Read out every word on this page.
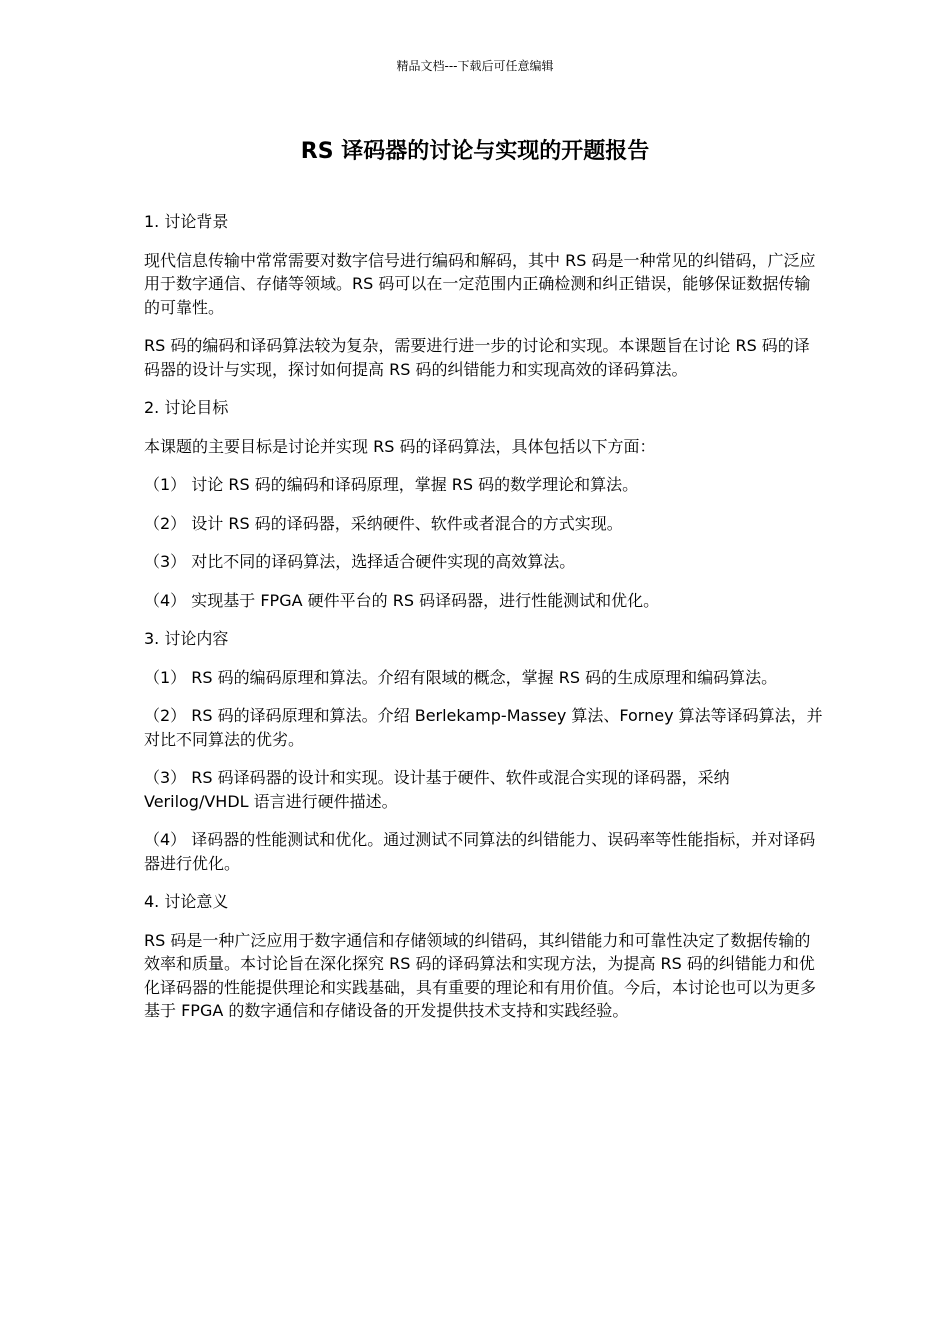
精品文档---下载后可任意编辑
RS 译码器的讨论与实现的开题报告

1. 讨论背景

现代信息传输中常常需要对数字信号进行编码和解码，其中 RS 码是一种常见的纠错码，广泛应用于数字通信、存储等领域。RS 码可以在一定范围内正确检测和纠正错误，能够保证数据传输的可靠性。

RS 码的编码和译码算法较为复杂，需要进行进一步的讨论和实现。本课题旨在讨论 RS 码的译码器的设计与实现，探讨如何提高 RS 码的纠错能力和实现高效的译码算法。

2. 讨论目标

本课题的主要目标是讨论并实现 RS 码的译码算法，具体包括以下方面：

（1） 讨论 RS 码的编码和译码原理，掌握 RS 码的数学理论和算法。

（2） 设计 RS 码的译码器，采纳硬件、软件或者混合的方式实现。

（3） 对比不同的译码算法，选择适合硬件实现的高效算法。

（4） 实现基于 FPGA 硬件平台的 RS 码译码器，进行性能测试和优化。

3. 讨论内容

（1） RS 码的编码原理和算法。介绍有限域的概念，掌握 RS 码的生成原理和编码算法。

（2） RS 码的译码原理和算法。介绍 Berlekamp-Massey 算法、Forney 算法等译码算法，并对比不同算法的优劣。

（3） RS 码译码器的设计和实现。设计基于硬件、软件或混合实现的译码器，采纳 Verilog/VHDL 语言进行硬件描述。

（4） 译码器的性能测试和优化。通过测试不同算法的纠错能力、误码率等性能指标，并对译码器进行优化。

4. 讨论意义

RS 码是一种广泛应用于数字通信和存储领域的纠错码，其纠错能力和可靠性决定了数据传输的效率和质量。本讨论旨在深化探究 RS 码的译码算法和实现方法，为提高 RS 码的纠错能力和优化译码器的性能提供理论和实践基础，具有重要的理论和有用价值。今后，本讨论也可以为更多基于 FPGA 的数字通信和存储设备的开发提供技术支持和实践经验。
